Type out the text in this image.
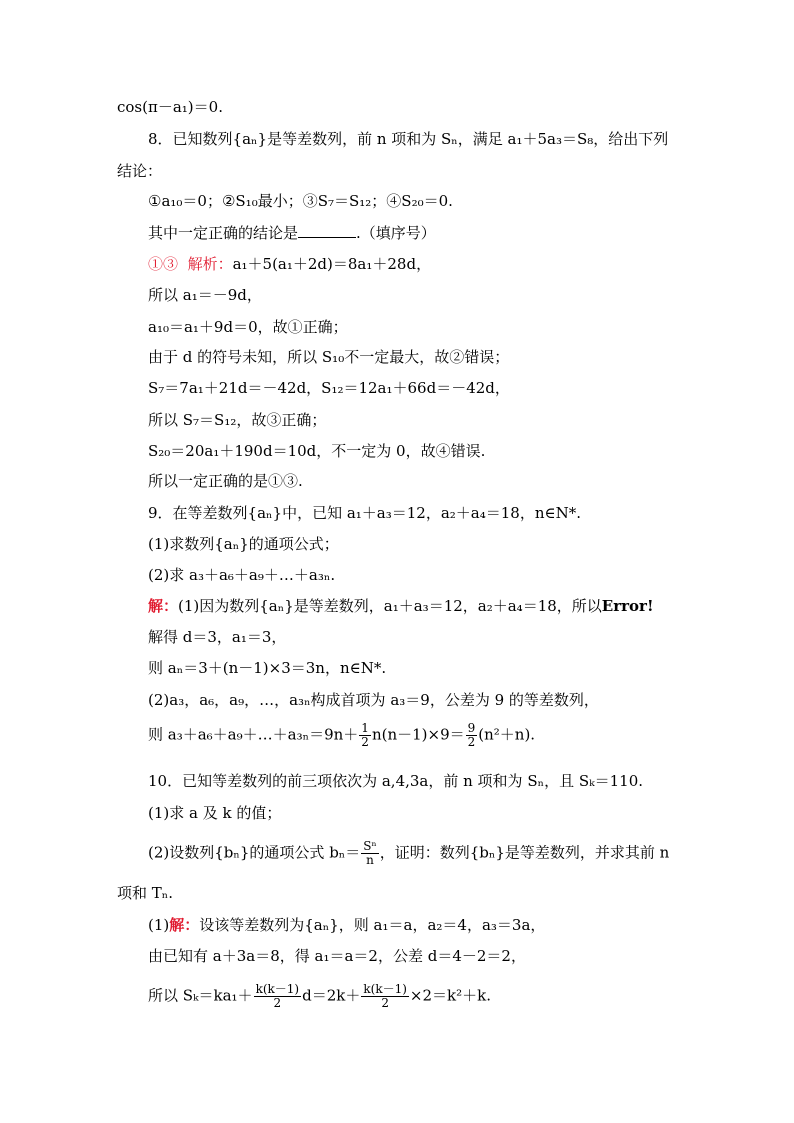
cos(π－a₁)＝0.
8．已知数列{aₙ}是等差数列，前 n 项和为 Sₙ，满足 a₁＋5a₃＝S₈，给出下列
结论：
①a₁₀＝0；②S₁₀最小；③S₇＝S₁₂；④S₂₀＝0.
其中一定正确的结论是	.（填序号）
①③ 解析：a₁＋5(a₁＋2d)＝8a₁＋28d，
所以 a₁＝－9d，
a₁₀＝a₁＋9d＝0，故①正确；
由于 d 的符号未知，所以 S₁₀不一定最大，故②错误；
S₇＝7a₁＋21d＝－42d，S₁₂＝12a₁＋66d＝－42d，
所以 S₇＝S₁₂，故③正确；
S₂₀＝20a₁＋190d＝10d，不一定为 0，故④错误.
所以一定正确的是①③.
9．在等差数列{aₙ}中，已知 a₁＋a₃＝12，a₂＋a₄＝18，n∈N*.
(1)求数列{aₙ}的通项公式；
(2)求 a₃＋a₆＋a₉＋…＋a₃ₙ.
解：(1)因为数列{aₙ}是等差数列，a₁＋a₃＝12，a₂＋a₄＝18，所以Error!
解得 d＝3，a₁＝3，
则 aₙ＝3＋(n－1)×3＝3n，n∈N*.
(2)a₃，a₆，a₉，…，a₃ₙ构成首项为 a₃＝9，公差为 9 的等差数列，
则 a₃＋a₆＋a₉＋…＋a₃ₙ＝9n＋ $\frac{1}{2} n(n-1)\times 9= \frac{9}{2} (n^2+n)$.
10．已知等差数列的前三项依次为 a,4,3a，前 n 项和为 Sₙ，且 Sₖ＝110.
(1)求 a 及 k 的值；
(2)设数列{bₙ}的通项公式 $b_n= \frac{\text{Sⁿ}}{n}$ ，证明：数列{bₙ}是等差数列，并求其前 n
项和 Tₙ.
(1)解：设该等差数列为{aₙ}，则 a₁＝a，a₂＝4，a₃＝3a，
由已知有 a＋3a＝8，得 a₁＝a＝2，公差 d＝4－2＝2，
所以 $S_k=ka_1+ \frac{k(k-1)}{2} d=2k+ \frac{k(k-1)}{2} \times 2=k^2+k$.
